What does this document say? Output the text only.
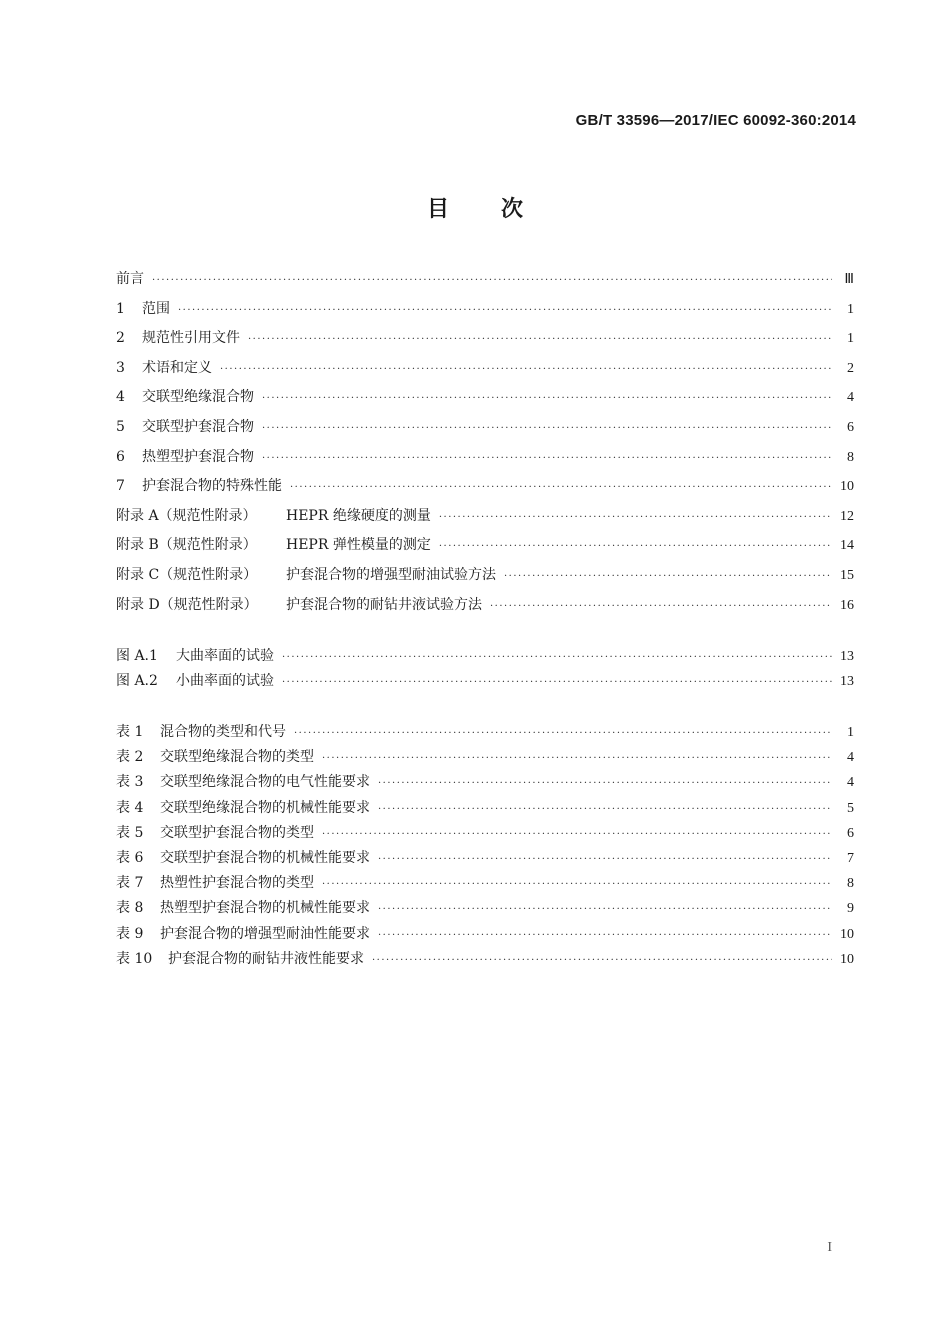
GB/T 33596—2017/IEC 60092-360:2014
目 次
前言 ·····	Ⅲ
1	范围 ·····	1
2	规范性引用文件 ·····	1
3	术语和定义 ·····	2
4	交联型绝缘混合物 ·····	4
5	交联型护套混合物 ·····	6
6	热塑型护套混合物 ·····	8
7	护套混合物的特殊性能 ·····	10
附录 A（规范性附录）	HEPR 绝缘硬度的测量 ·····	12
附录 B（规范性附录）	HEPR 弹性模量的测定 ·····	14
附录 C（规范性附录）	护套混合物的增强型耐油试验方法 ·····	15
附录 D（规范性附录）	护套混合物的耐钻井液试验方法 ·····	16
图 A.1	大曲率面的试验 ·····	13
图 A.2	小曲率面的试验 ·····	13
表 1	混合物的类型和代号 ·····	1
表 2	交联型绝缘混合物的类型 ·····	4
表 3	交联型绝缘混合物的电气性能要求 ·····	4
表 4	交联型绝缘混合物的机械性能要求 ·····	5
表 5	交联型护套混合物的类型 ·····	6
表 6	交联型护套混合物的机械性能要求 ·····	7
表 7	热塑性护套混合物的类型 ·····	8
表 8	热塑型护套混合物的机械性能要求 ·····	9
表 9	护套混合物的增强型耐油性能要求 ·····	10
表 10	护套混合物的耐钻井液性能要求 ·····	10
I
